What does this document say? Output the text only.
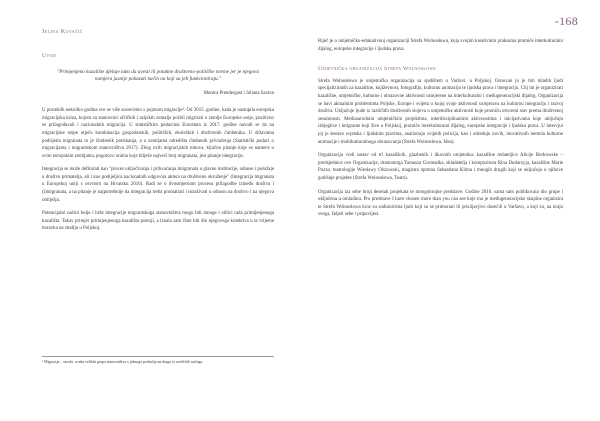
-168
Jelina Kovačić
Uvod
"Primjenjeno kazalište djeluje tako da uvesti ili potakne društveno-političke norme jer je njegova namjera jasnije pokazati način na koji su jeli funkcioniraju."
Monica Prendergast i Juliana Saxton

U proteklih nekoliko godina sve se više susrećemo s pojmom migracije¹. Od 2015. godine, kada je nastupila europska migracijska kriza, kojom su stanovnici afričkih i azijskih zemalja počeli migrirati u zemlje Europske unije, pozitivno se prilagođavali i nacionalnih migracija. U statističkim podacima Eurostata iz 2017. godine navodi se da na migracijske stope utječu kombinacija gospodarskih, političkih, ekoloških i društvenih čimbenika. U državama podrijetla migranata to je čimbenik potiskanja, a u zemljama odredišta čimbenik privlačenja (Statistički podaci o migracijama i migrantskom stanovništvu 2017). Zbog ovih migracijskih tokova, ključno pitanje koje se nameće u svim europskim zemljama, pogotovo onima koje bilježe najveći broj migranata, jest pitanje integracije.

Integracija se može definirati kao "proces uključivanja i prihvaćanja imigranata u glavne institucije, odnose i položaje u društvu primatelja, ali i kao podijeljica nacionalnih odgovora aktera na društveno okruženje" (Integracija migranata u Europskoj uniji s osvrtom na Hrvatsku 2016). Radi se o dvosmjernom procesu prilagodbe između društva i (i)migranata, a na pitanje je najpotrebnije da integracija treba promatrati i istraživati u odnosu na društvo i na njegova obilježja.

Potencijalni načini bolje i brže integracije migrantskoga stanovništva mogu biti mnoge i oblici rada primijenjenoga kazališta. Takav primjer primijenjenoga kazališta postoji, a iznala sam čiste biti dio njegovoga kolektiva u ta vrijeme boravka na studiju u Poljskoj.

¹ Migracija – seoski, ovaka velikih grupa stanovništva s jednoga područja na drugo iz različitih razloga.

Riječ je o umjetničko-edukativnoj organizaciji Strefa Wolnosłowa, koja svojim kreativnim praksama promiče interkulturalni dijalog, europske integracije i ljudska prava.

Umjetnička organizacija Strefa Wolnosłowa

Strefa Wolnosłowa je umjetnička organizacija sa sjedištem u Varšavi, u Poljskoj. Osnovan ju je tim mladih ljudi specijaliziranih za kazališne, književnost, fotografiju, kulturnu animaciju te ljudska prava i integraciju. Cilj im je organizirati kazališne, umjetničke, kulturne i obrazovne aktivnosti usmjerene na interkulturalni i međugeneracijski dijalog. Organizacija se bavi aktualnim problemima Poljske, Europe i svijeta u kojoj svoje aktivnosti usmjerava na kulturnu integraciju i razvoj društva. Uključuje ljude iz različitih društvenih slojeva u umjetničke aktivnosti koje promiču otvoreni stav prema društvenoj sesumnosti. Međunarodnim umjetničkim projektima, interdisciplinarnim aktivnostima i inicijativama koje uključuju izbjeglice i imigrante koji žive u Poljskoj, promiče interkulturalni dijalog, europske integracije i ljudska prava. U intervjui joj je šestero svjetska i ljudskim pravima, analiziraju svijetih policija, kao i odreduju novih, inovativnih metoda kulturne animacije i multikulturalnoga obrazovanja (Strefa Wolnosłowa, Idea).

Organizaciju vodi sastav od tri kazališnih, glazbenih i likovnih umjetnika: kazališne redateljice Alicije Borkowske – predsjednice ove Organizacije, dramaturga Tomasza Gromadka, skladatelja i kompozitora Rina Dudarzyja, kazališne Marie Pozzo, teatrologije Wiesławy Olszowski, magistra oprema Sebastiana Klima i mnogih drugih koji se uključuju u njihove godišnje projekte (Strefa Wolnosłowa, Team).

Organizacija iza sebe broji desetak projekata te mnogobrojne predstave. Godine 2016. sama sam publikovala dio grupe i uključena u omladinu. Pro predstave I have chosen more than you can see koje mu je međugeneracijske skupine organizira te Strefa Wolnosłowa kroz su sudionicima ljudi koji su se primorani ili prisiljavjivo dosećili u Varšavu, a koji su, na kraju svega, željeli sebe i pripovijest.
